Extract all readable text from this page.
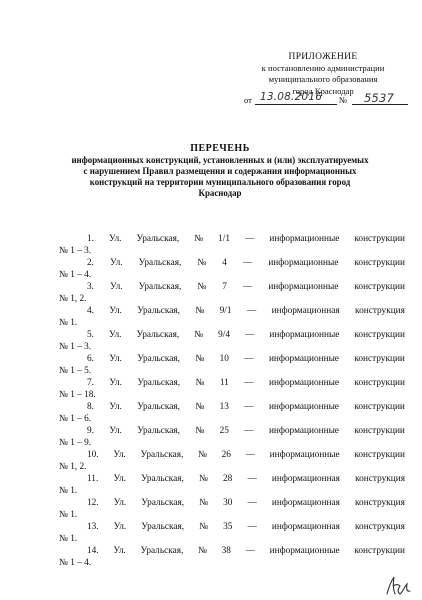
ПРИЛОЖЕНИЕ
к постановлению администрации
муниципального образования
город Краснодар
от 13.08.2016 № 5537
ПЕРЕЧЕНЬ
информационных конструкций, установленных и (или) эксплуатируемых
с нарушением Правил размещения и содержания информационных
конструкций на территории муниципального образования город
Краснодар
1. Ул. Уральская, № 1/1 — информационные конструкции
№ 1 – 3.
2. Ул. Уральская, № 4 — информационные конструкции
№ 1 – 4.
3. Ул. Уральская, № 7 — информационные конструкции
№ 1, 2.
4. Ул. Уральская, № 9/1 — информационная конструкция
№ 1.
5. Ул. Уральская, № 9/4 — информационные конструкции
№ 1 – 3.
6. Ул. Уральская, № 10 — информационные конструкции
№ 1 – 5.
7. Ул. Уральская, № 11 — информационные конструкции
№ 1 – 18.
8. Ул. Уральская, № 13 — информационные конструкции
№ 1 – 6.
9. Ул. Уральская, № 25 — информационные конструкции
№ 1 – 9.
10. Ул. Уральская, № 26 — информационные конструкции
№ 1, 2.
11. Ул. Уральская, № 28 — информационная конструкция
№ 1.
12. Ул. Уральская, № 30 — информационная конструкция
№ 1.
13. Ул. Уральская, № 35 — информационная конструкция
№ 1.
14. Ул. Уральская, № 38 — информационные конструкции
№ 1 – 4.
